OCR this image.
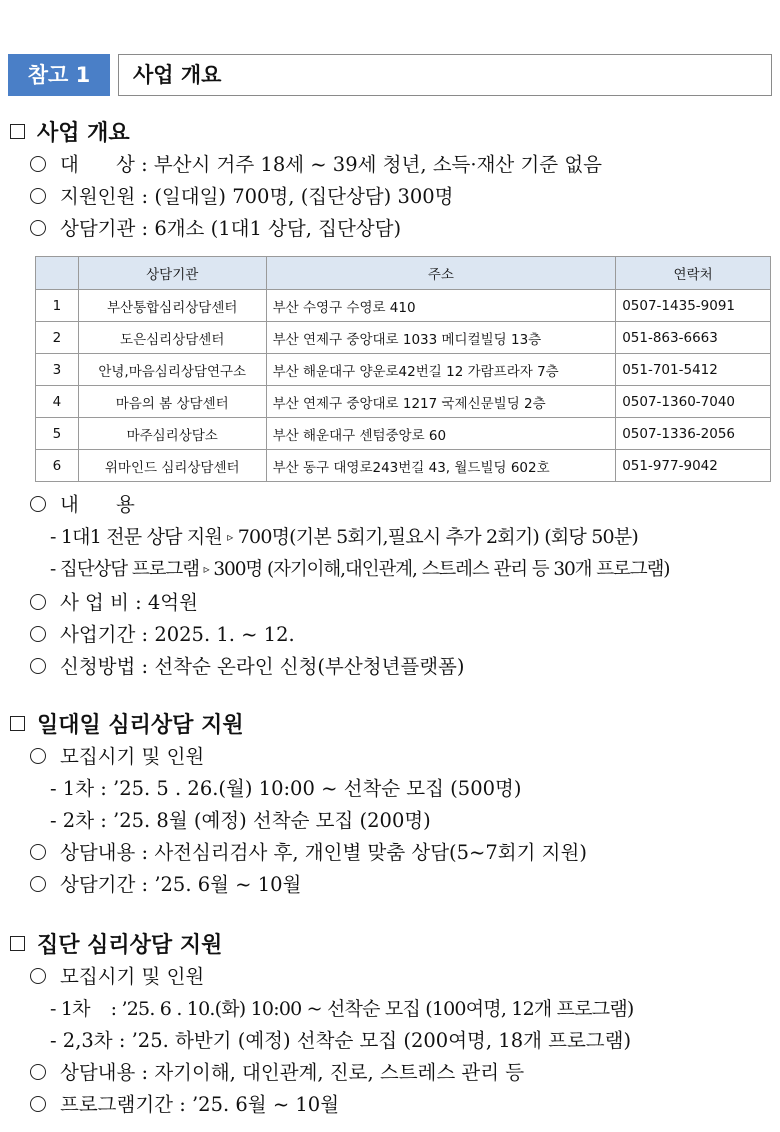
참고 1	사업 개요
사업 개요
대      상 : 부산시 거주 18세 ~ 39세 청년, 소득·재산 기준 없음
지원인원 : (일대일) 700명, (집단상담) 300명
상담기관 : 6개소 (1대1 상담, 집단상담)
	상담기관	주소	연락처
1	부산통합심리상담센터	부산 수영구 수영로 410	0507-1435-9091
2	도은심리상담센터	부산 연제구 중앙대로 1033 메디컬빌딩 13층	051-863-6663
3	안녕,마음심리상담연구소	부산 해운대구 양운로42번길 12 가람프라자 7층	051-701-5412
4	마음의 봄 상담센터	부산 연제구 중앙대로 1217 국제신문빌딩 2층	0507-1360-7040
5	마주심리상담소	부산 해운대구 센텀중앙로 60	0507-1336-2056
6	위마인드 심리상담센터	부산 동구 대영로243번길 43, 월드빌딩 602호	051-977-9042
내      용
- 1대1 전문 상담 지원 ▹ 700명(기본 5회기,필요시 추가 2회기) (회당 50분)
- 집단상담 프로그램 ▹ 300명 (자기이해,대인관계, 스트레스 관리 등 30개 프로그램)
사 업 비 : 4억원
사업기간 : 2025. 1. ~ 12.
신청방법 : 선착순 온라인 신청(부산청년플랫폼)
일대일 심리상담 지원
모집시기 및 인원
- 1차 : ’25. 5 . 26.(월) 10:00 ~ 선착순 모집 (500명)
- 2차 : ’25. 8월 (예정) 선착순 모집 (200명)
상담내용 : 사전심리검사 후, 개인별 맞춤 상담(5~7회기 지원)
상담기간 : ’25. 6월 ~ 10월
집단 심리상담 지원
모집시기 및 인원
- 1차    : ’25. 6 . 10.(화) 10:00 ~ 선착순 모집 (100여명, 12개 프로그램)
- 2,3차 : ’25. 하반기 (예정) 선착순 모집 (200여명, 18개 프로그램)
상담내용 : 자기이해, 대인관계, 진로, 스트레스 관리 등
프로그램기간 : ’25. 6월 ~ 10월
